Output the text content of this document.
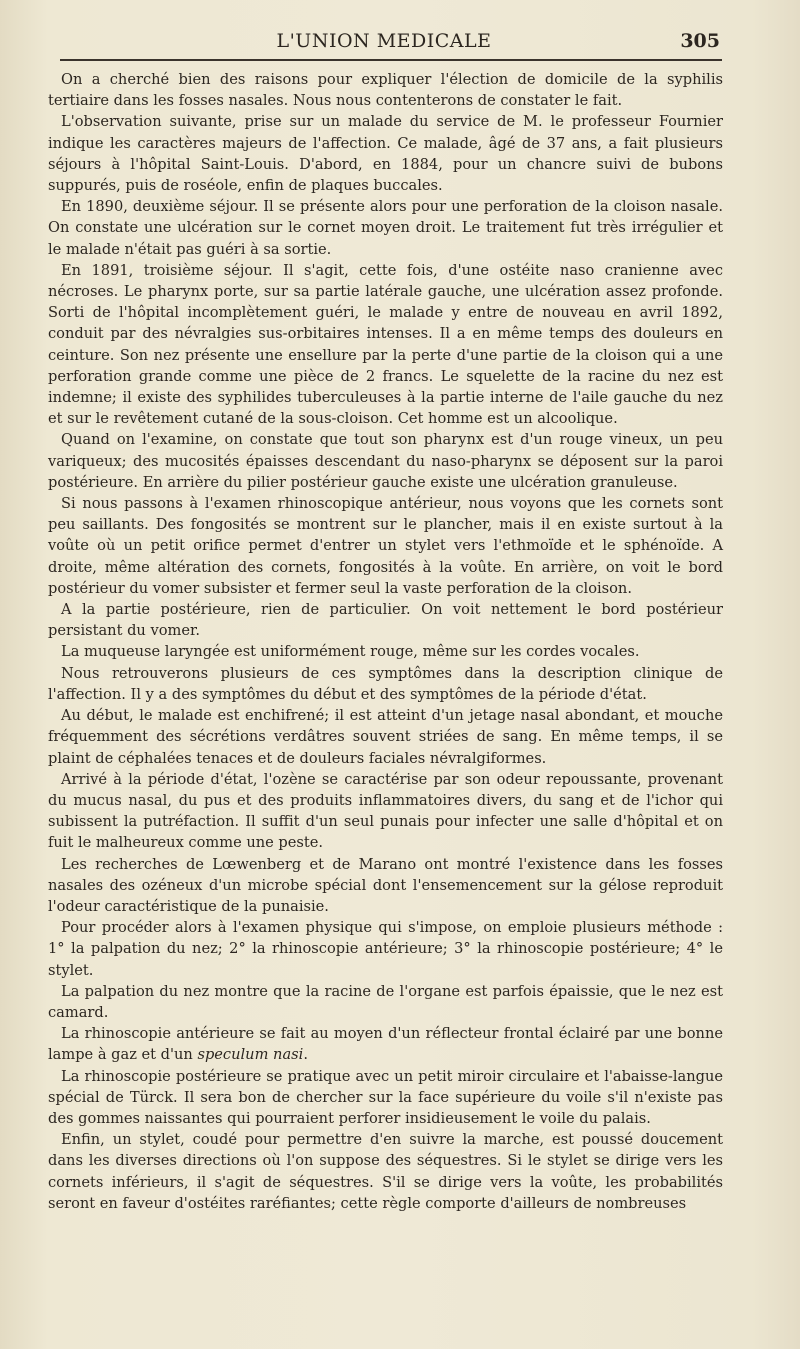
L'UNION MEDICALE	305

On a cherché bien des raisons pour expliquer l'élection de domicile de la syphilis tertiaire dans les fosses nasales. Nous nous contenterons de constater le fait.

L'observation suivante, prise sur un malade du service de M. le professeur Fournier indique les caractères majeurs de l'affection. Ce malade, âgé de 37 ans, a fait plusieurs séjours à l'hôpital Saint-Louis. D'abord, en 1884, pour un chancre suivi de bubons suppurés, puis de roséole, enfin de plaques buccales.

En 1890, deuxième séjour. Il se présente alors pour une perforation de la cloison nasale. On constate une ulcération sur le cornet moyen droit. Le traitement fut très irrégulier et le malade n'était pas guéri à sa sortie.

En 1891, troisième séjour. Il s'agit, cette fois, d'une ostéite naso cranienne avec nécroses. Le pharynx porte, sur sa partie latérale gauche, une ulcération assez profonde. Sorti de l'hôpital incomplètement guéri, le malade y entre de nouveau en avril 1892, conduit par des névralgies sus-orbitaires intenses. Il a en même temps des douleurs en ceinture. Son nez présente une ensellure par la perte d'une partie de la cloison qui a une perforation grande comme une pièce de 2 francs. Le squelette de la racine du nez est indemne; il existe des syphilides tuberculeuses à la partie interne de l'aile gauche du nez et sur le revêtement cutané de la sous-cloison. Cet homme est un alcoolique.

Quand on l'examine, on constate que tout son pharynx est d'un rouge vineux, un peu variqueux; des mucosités épaisses descendant du naso-pharynx se déposent sur la paroi postérieure. En arrière du pilier postérieur gauche existe une ulcération granuleuse.

Si nous passons à l'examen rhinoscopique antérieur, nous voyons que les cornets sont peu saillants. Des fongosités se montrent sur le plancher, mais il en existe surtout à la voûte où un petit orifice permet d'entrer un stylet vers l'ethmoïde et le sphénoïde. A droite, même altération des cornets, fongosités à la voûte. En arrière, on voit le bord postérieur du vomer subsister et fermer seul la vaste perforation de la cloison.

A la partie postérieure, rien de particulier. On voit nettement le bord postérieur persistant du vomer.

La muqueuse laryngée est uniformément rouge, même sur les cordes vocales.

Nous retrouverons plusieurs de ces symptômes dans la description clinique de l'affection. Il y a des symptômes du début et des symptômes de la période d'état.

Au début, le malade est enchifrené; il est atteint d'un jetage nasal abondant, et mouche fréquemment des sécrétions verdâtres souvent striées de sang. En même temps, il se plaint de céphalées tenaces et de douleurs faciales névralgiformes.

Arrivé à la période d'état, l'ozène se caractérise par son odeur repoussante, provenant du mucus nasal, du pus et des produits inflammatoires divers, du sang et de l'ichor qui subissent la putréfaction. Il suffit d'un seul punais pour infecter une salle d'hôpital et on fuit le malheureux comme une peste.

Les recherches de Lœwenberg et de Marano ont montré l'existence dans les fosses nasales des ozéneux d'un microbe spécial dont l'ensemencement sur la gélose reproduit l'odeur caractéristique de la punaisie.

Pour procéder alors à l'examen physique qui s'impose, on emploie plusieurs méthode : 1° la palpation du nez; 2° la rhinoscopie antérieure; 3° la rhinoscopie postérieure; 4° le stylet.

La palpation du nez montre que la racine de l'organe est parfois épaissie, que le nez est camard.

La rhinoscopie antérieure se fait au moyen d'un réflecteur frontal éclairé par une bonne lampe à gaz et d'un speculum nasi.

La rhinoscopie postérieure se pratique avec un petit miroir circulaire et l'abaisse-langue spécial de Türck. Il sera bon de chercher sur la face supérieure du voile s'il n'existe pas des gommes naissantes qui pourraient perforer insidieusement le voile du palais.

Enfin, un stylet, coudé pour permettre d'en suivre la marche, est poussé doucement dans les diverses directions où l'on suppose des séquestres. Si le stylet se dirige vers les cornets inférieurs, il s'agit de séquestres. S'il se dirige vers la voûte, les probabilités seront en faveur d'ostéites raréfiantes; cette règle comporte d'ailleurs de nombreuses
